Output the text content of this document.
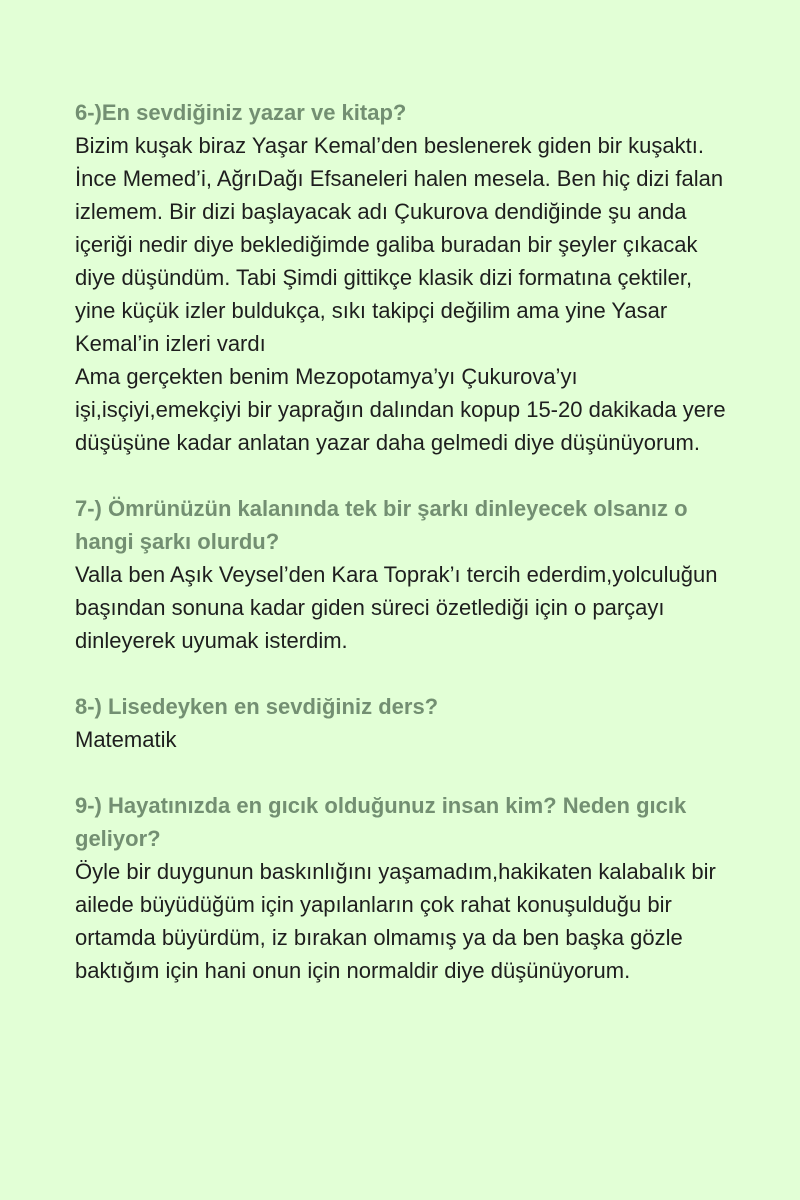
6-)En sevdiğiniz yazar ve kitap?

Bizim kuşak biraz Yaşar Kemal’den beslenerek giden bir kuşaktı. İnce Memed’i, AğrıDağı Efsaneleri halen mesela. Ben hiç dizi falan izlemem. Bir dizi başlayacak adı Çukurova dendiğinde şu anda içeriği nedir diye beklediğimde galiba buradan bir şeyler çıkacak diye düşündüm. Tabi Şimdi gittikçe klasik dizi formatına çektiler, yine küçük izler buldukça, sıkı takipçi değilim ama yine Yasar Kemal’in izleri vardı

Ama gerçekten benim Mezopotamya’yı Çukurova’yı işi,isçiyi,emekçiyi bir yaprağın dalından kopup 15-20 dakikada yere düşüşüne kadar anlatan yazar daha gelmedi diye düşünüyorum.

7-) Ömrünüzün kalanında tek bir şarkı dinleyecek olsanız o hangi şarkı olurdu?

Valla ben Aşık Veysel’den Kara Toprak’ı tercih ederdim,yolculuğun başından sonuna kadar giden süreci özetlediği için o parçayı dinleyerek uyumak isterdim.

8-) Lisedeyken en sevdiğiniz ders?

Matematik

9-) Hayatınızda en gıcık olduğunuz insan kim? Neden gıcık geliyor?

Öyle bir duygunun baskınlığını yaşamadım,hakikaten kalabalık bir ailede büyüdüğüm için yapılanların çok rahat konuşulduğu bir ortamda büyürdüm, iz bırakan olmamış ya da ben başka gözle baktığım için hani onun için normaldir diye düşünüyorum.
